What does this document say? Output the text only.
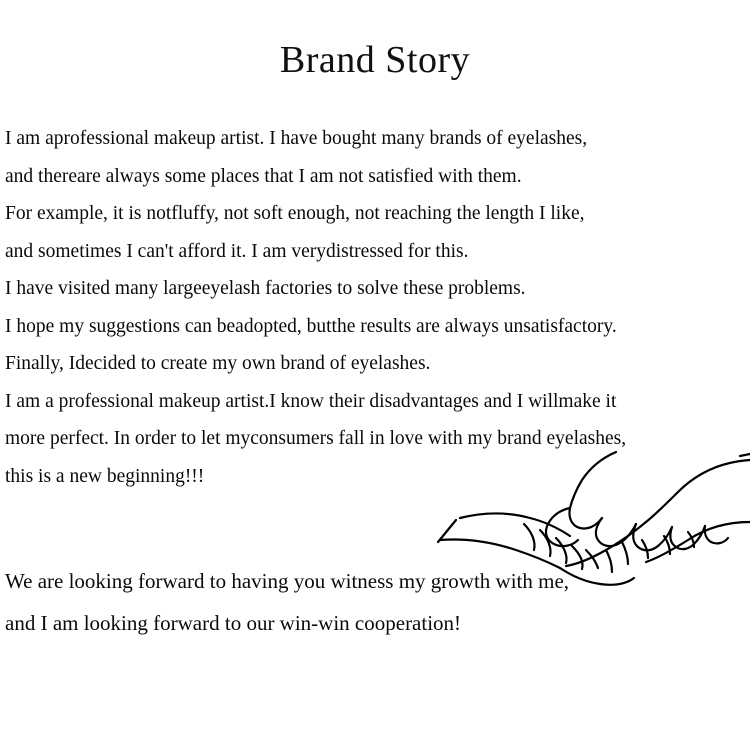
Brand Story

I am aprofessional makeup artist. I have bought many brands of eyelashes,

and thereare always some places that I am not satisfied with them.

For example, it is notfluffy, not soft enough, not reaching the length I like,

and sometimes I can't afford it. I am verydistressed for this.

I have visited many largeeyelash factories to solve these problems.

I hope my suggestions can beadopted, butthe results are always unsatisfactory.

Finally, Idecided to create my own brand of eyelashes.

I am a professional makeup artist.I know their disadvantages and I willmake it

more perfect. In order to let myconsumers fall in love with my brand eyelashes,

this is a new beginning!!!

We are looking forward to having you witness my growth with me,

and I am looking forward to our win-win cooperation!
